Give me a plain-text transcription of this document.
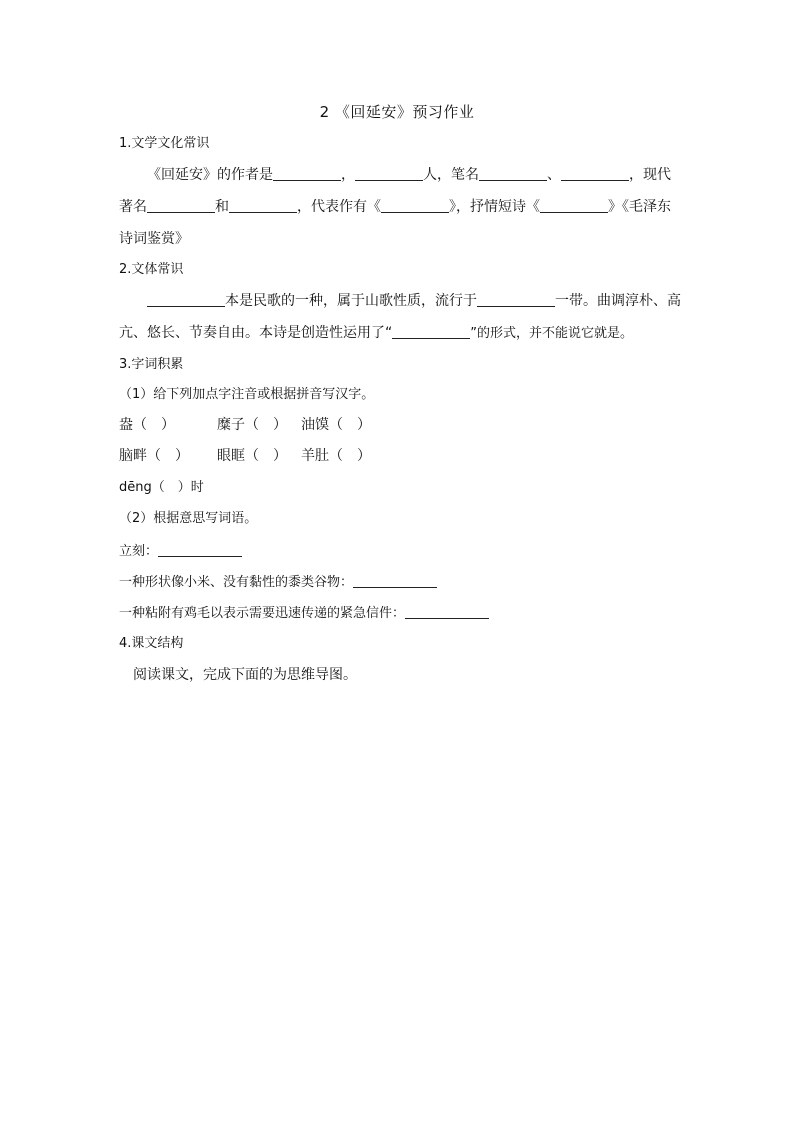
2 《回延安》预习作业
1.文学文化常识
《回延安》的作者是	，	人，笔名	、	，现代
著名	和	，代表作有《	》，抒情短诗《	》《毛泽东
诗词鉴赏》
2.文体常识
本是民歌的一种，属于山歌性质，流行于	一带。曲调淳朴、高
亢、悠长、节奏自由。本诗是创造性运用了“	”的形式，并不能说它就是。
3.字词积累
（1）给下列加点字注音或根据拼音写汉字。
盎（　）	糜子（　） 油馍（　）
脑畔（　） 眼眶（　） 羊肚（　）
dēng（　）时
（2）根据意思写词语。
立刻：
一种形状像小米、没有黏性的黍类谷物：
一种粘附有鸡毛以表示需要迅速传递的紧急信件：
4.课文结构
阅读课文，完成下面的为思维导图。
